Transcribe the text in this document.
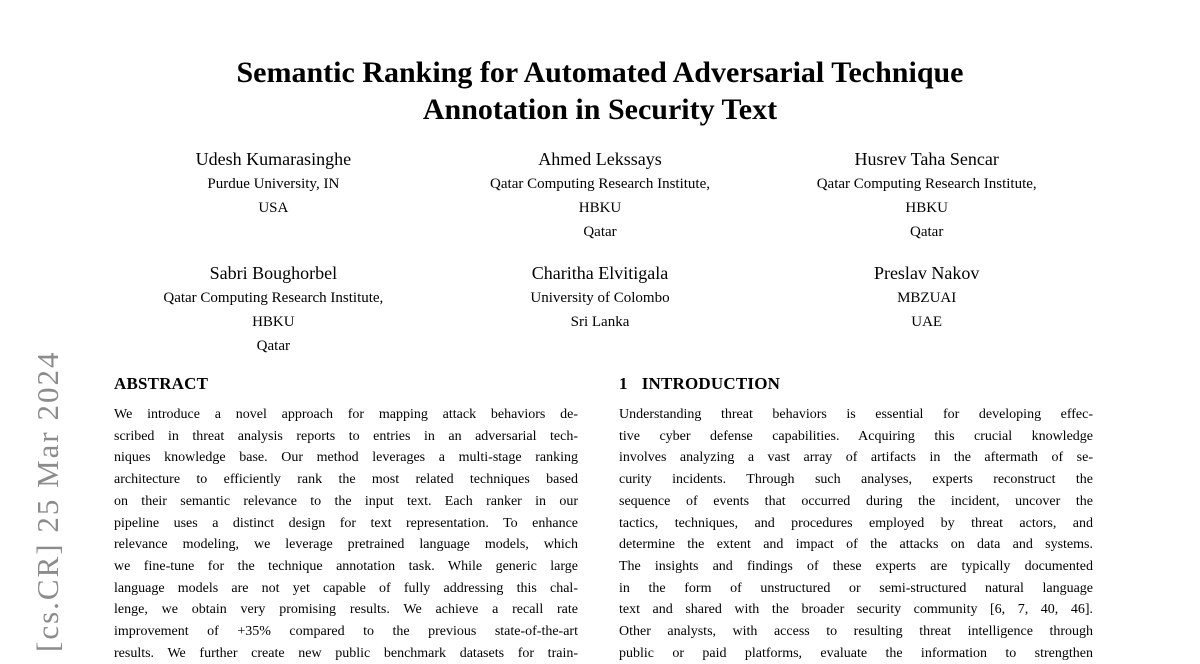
[cs.CR] 25 Mar 2024
Semantic Ranking for Automated Adversarial Technique
Annotation in Security Text
Udesh Kumarasinghe
Purdue University, IN
USA
Ahmed Lekssays
Qatar Computing Research Institute,
HBKU
Qatar
Husrev Taha Sencar
Qatar Computing Research Institute,
HBKU
Qatar
Sabri Boughorbel
Qatar Computing Research Institute,
HBKU
Qatar
Charitha Elvitigala
University of Colombo
Sri Lanka
Preslav Nakov
MBZUAI
UAE
ABSTRACT
We introduce a novel approach for mapping attack behaviors de-
scribed in threat analysis reports to entries in an adversarial tech-
niques knowledge base. Our method leverages a multi-stage ranking
architecture to efficiently rank the most related techniques based
on their semantic relevance to the input text. Each ranker in our
pipeline uses a distinct design for text representation. To enhance
relevance modeling, we leverage pretrained language models, which
we fine-tune for the technique annotation task. While generic large
language models are not yet capable of fully addressing this chal-
lenge, we obtain very promising results. We achieve a recall rate
improvement of +35% compared to the previous state-of-the-art
results. We further create new public benchmark datasets for train-
1 INTRODUCTION
Understanding threat behaviors is essential for developing effec-
tive cyber defense capabilities. Acquiring this crucial knowledge
involves analyzing a vast array of artifacts in the aftermath of se-
curity incidents. Through such analyses, experts reconstruct the
sequence of events that occurred during the incident, uncover the
tactics, techniques, and procedures employed by threat actors, and
determine the extent and impact of the attacks on data and systems.
The insights and findings of these experts are typically documented
in the form of unstructured or semi-structured natural language
text and shared with the broader security community [6, 7, 40, 46].
Other analysts, with access to resulting threat intelligence through
public or paid platforms, evaluate the information to strengthen
